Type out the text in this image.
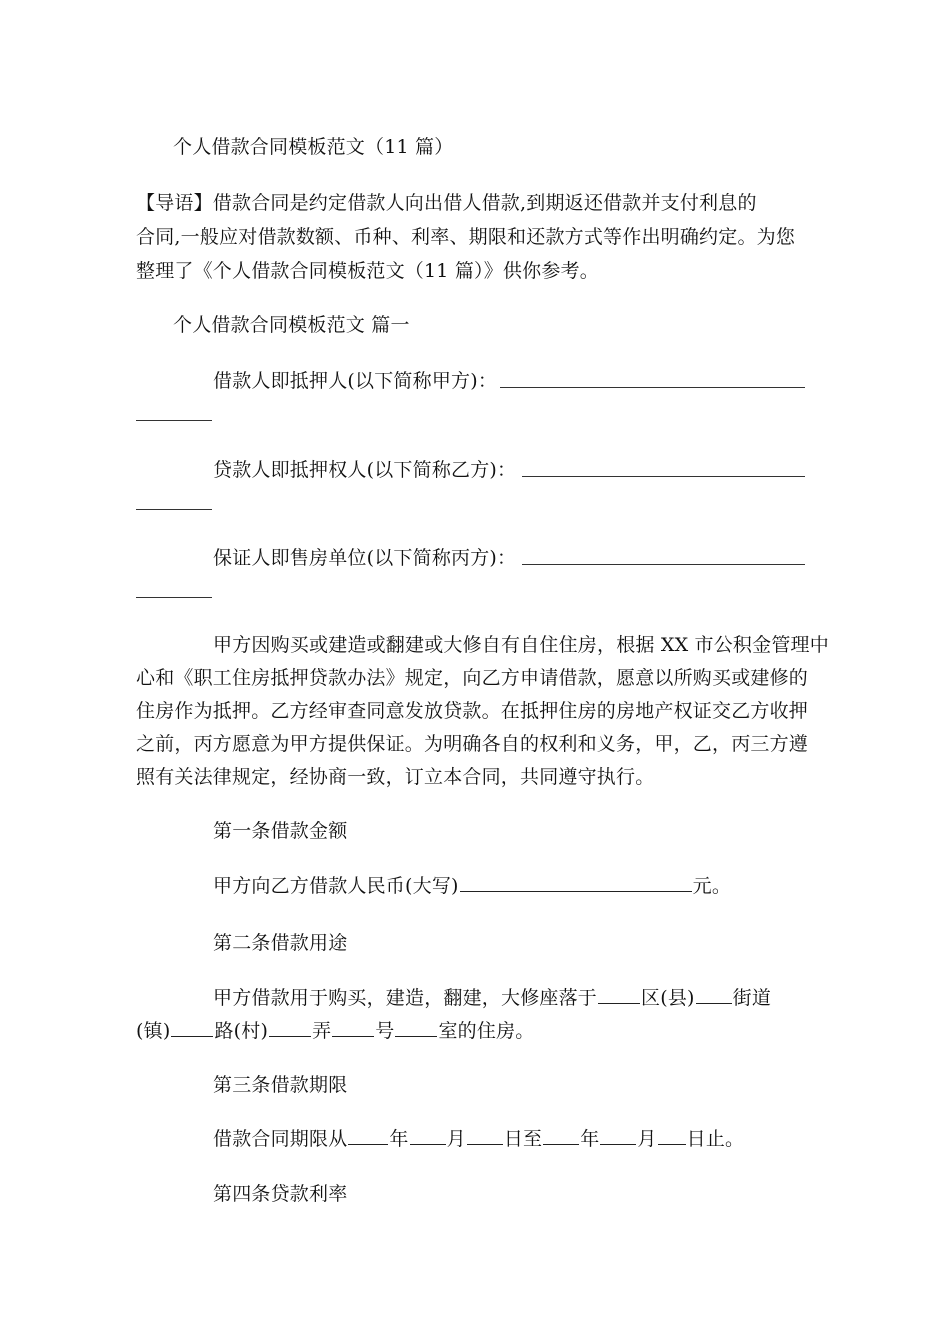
个人借款合同模板范文（11 篇）
【导语】借款合同是约定借款人向出借人借款,到期返还借款并支付利息的
合同,一般应对借款数额、币种、利率、期限和还款方式等作出明确约定。为您
整理了《个人借款合同模板范文（11 篇）》供你参考。
个人借款合同模板范文 篇一
借款人即抵押人(以下简称甲方)：
贷款人即抵押权人(以下简称乙方)：
保证人即售房单位(以下简称丙方)：
甲方因购买或建造或翻建或大修自有自住住房，根据 XX 市公积金管理中
心和《职工住房抵押贷款办法》规定，向乙方申请借款，愿意以所购买或建修的
住房作为抵押。乙方经审查同意发放贷款。在抵押住房的房地产权证交乙方收押
之前，丙方愿意为甲方提供保证。为明确各自的权利和义务，甲，乙，丙三方遵
照有关法律规定，经协商一致，订立本合同，共同遵守执行。
第一条借款金额
甲方向乙方借款人民币(大写)	元。
第二条借款用途
甲方借款用于购买，建造，翻建，大修座落于 区(县) 街道
(镇) 路(村) 弄 号 室的住房。
第三条借款期限
借款合同期限从 年 月 日至 年 月 日止。
第四条贷款利率
